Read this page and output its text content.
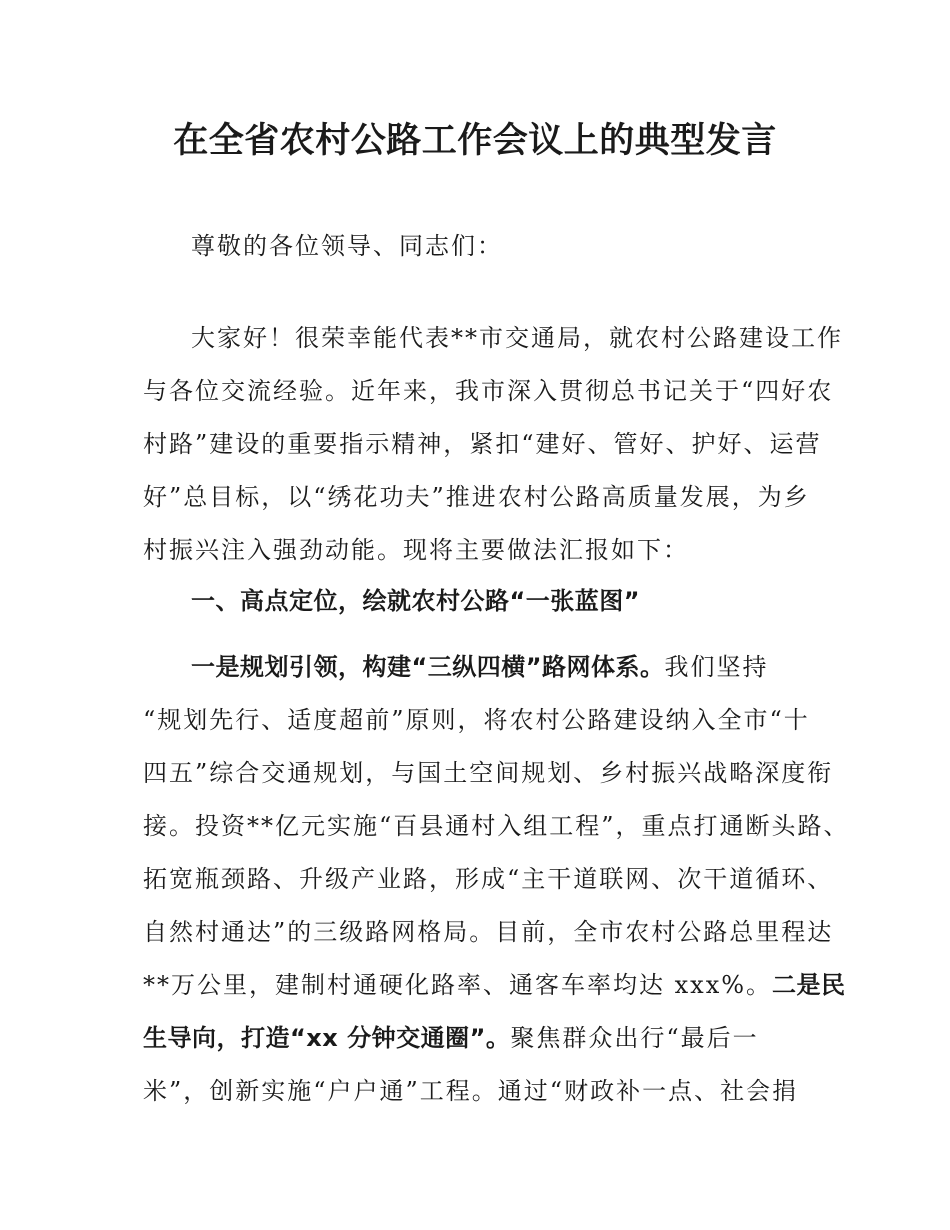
在全省农村公路工作会议上的典型发言
尊敬的各位领导、同志们：
大家好！很荣幸能代表**市交通局，就农村公路建设工作
与各位交流经验。近年来，我市深入贯彻总书记关于“四好农
村路”建设的重要指示精神，紧扣“建好、管好、护好、运营
好”总目标，以“绣花功夫”推进农村公路高质量发展，为乡
村振兴注入强劲动能。现将主要做法汇报如下：
一、高点定位，绘就农村公路“一张蓝图”
一是规划引领，构建“三纵四横”路网体系。我们坚持
“规划先行、适度超前”原则，将农村公路建设纳入全市“十
四五”综合交通规划，与国土空间规划、乡村振兴战略深度衔
接。投资**亿元实施“百县通村入组工程”，重点打通断头路、
拓宽瓶颈路、升级产业路，形成“主干道联网、次干道循环、
自然村通达”的三级路网格局。目前，全市农村公路总里程达
**万公里，建制村通硬化路率、通客车率均达 xxx%。二是民
生导向，打造“xx 分钟交通圈”。聚焦群众出行“最后一
米”，创新实施“户户通”工程。通过“财政补一点、社会捐
